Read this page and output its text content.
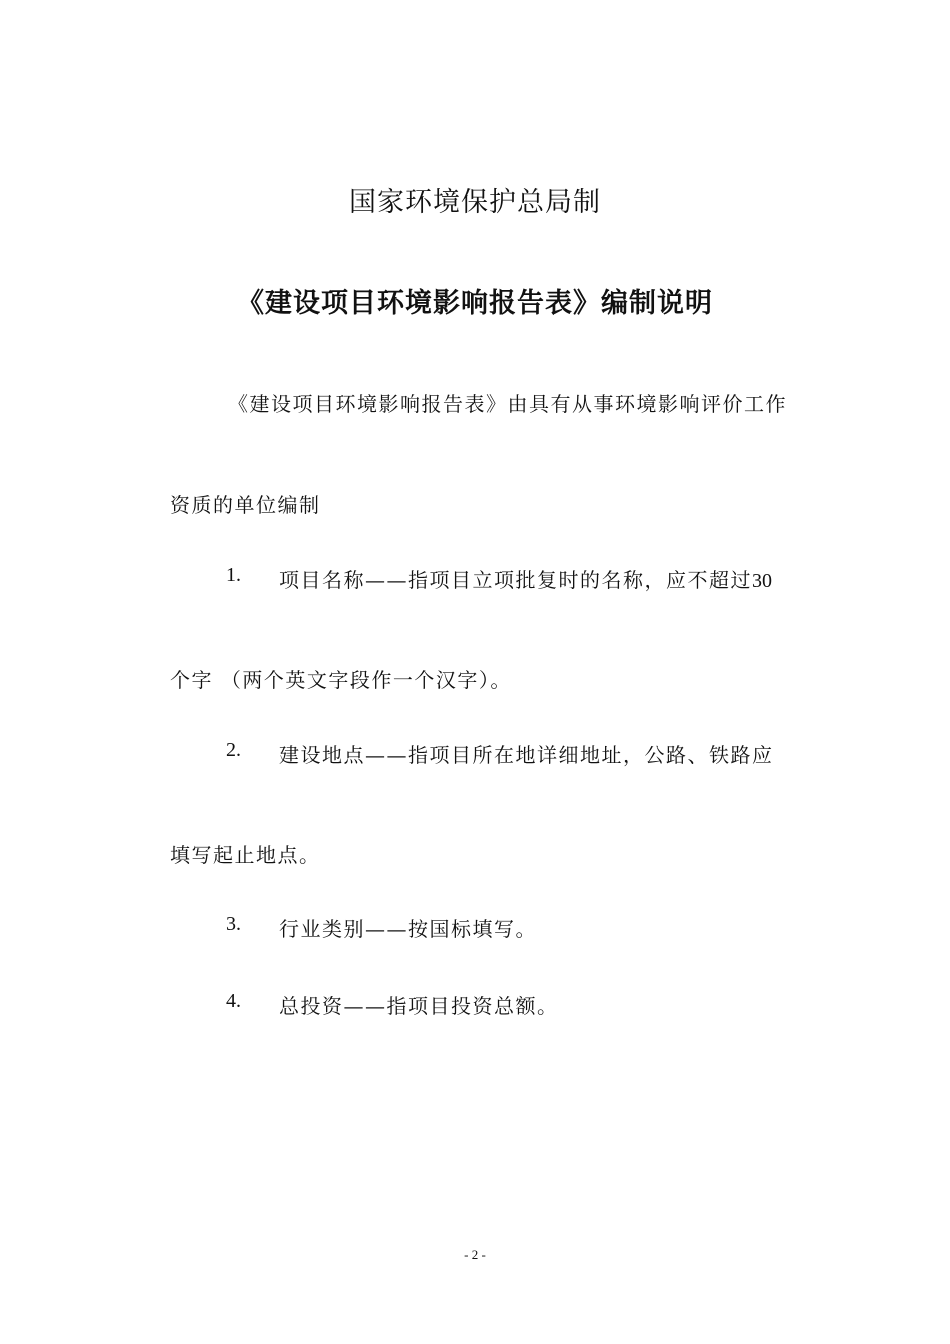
国家环境保护总局制
《建设项目环境影响报告表》编制说明
《建设项目环境影响报告表》由具有从事环境影响评价工作
资质的单位编制
1. 项目名称——指项目立项批复时的名称，应不超过30
个字 （两个英文字段作一个汉字）。
2. 建设地点——指项目所在地详细地址，公路、铁路应
填写起止地点。
3. 行业类别——按国标填写。
4. 总投资——指项目投资总额。
- 2 -
